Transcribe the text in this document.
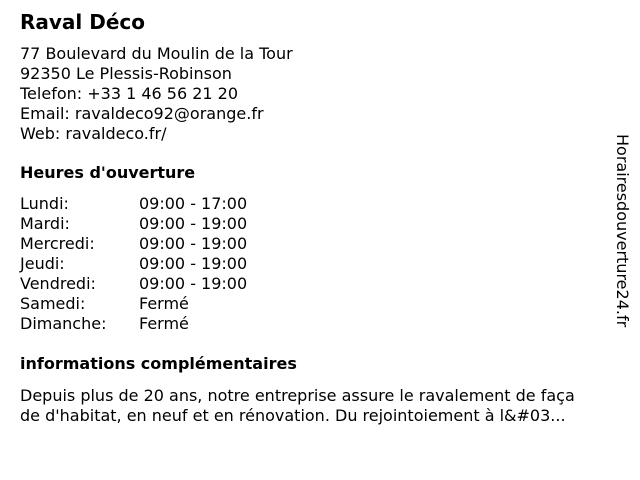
Raval Déco
77 Boulevard du Moulin de la Tour
92350 Le Plessis-Robinson
Telefon: +33 1 46 56 21 20
Email: ravaldeco92@orange.fr
Web: ravaldeco.fr/
Heures d'ouverture
Lundi:	09:00 - 17:00
Mardi:	09:00 - 19:00
Mercredi:	09:00 - 19:00
Jeudi:	09:00 - 19:00
Vendredi:	09:00 - 19:00
Samedi:	Fermé
Dimanche: Fermé
informations complémentaires
Depuis plus de 20 ans, notre entreprise assure le ravalement de faça
de d'habitat, en neuf et en rénovation. Du rejointoiement à l&#03...
Horairesdouverture24.fr
